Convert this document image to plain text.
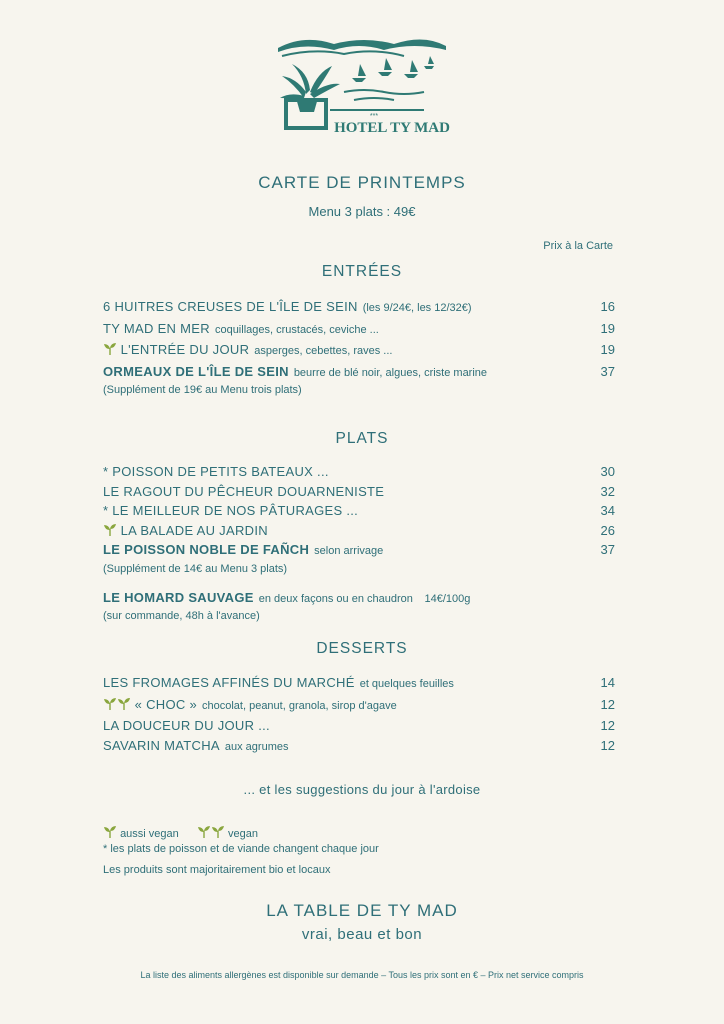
***
HOTEL TY MAD
CARTE DE PRINTEMPS
Menu 3 plats : 49€
Prix à la Carte
ENTRÉES
6 HUITRES CREUSES DE L'ÎLE DE SEIN (les 9/24€, les 12/32€)	16
TY MAD EN MER coquillages, crustacés, ceviche ...	19
L'ENTRÉE DU JOUR asperges, cebettes, raves ...	19
ORMEAUX DE L'ÎLE DE SEIN beurre de blé noir, algues, criste marine	37
(Supplément de 19€ au Menu trois plats)
PLATS
* POISSON DE PETITS BATEAUX ...	30
LE RAGOUT DU PÊCHEUR DOUARNENISTE	32
* LE MEILLEUR DE NOS PÂTURAGES ...	34
LA BALADE AU JARDIN	26
LE POISSON NOBLE DE FAÑCH selon arrivage	37
(Supplément de 14€ au Menu 3 plats)
LE HOMARD SAUVAGE en deux façons ou en chaudron 14€/100g
(sur commande, 48h à l'avance)
DESSERTS
LES FROMAGES AFFINÉS DU MARCHÉ et quelques feuilles	14
« CHOC » chocolat, peanut, granola, sirop d'agave	12
LA DOUCEUR DU JOUR ...	12
SAVARIN MATCHA aux agrumes	12
... et les suggestions du jour à l'ardoise
aussi vegan	vegan
* les plats de poisson et de viande changent chaque jour
Les produits sont majoritairement bio et locaux
LA TABLE DE TY MAD
vrai, beau et bon
La liste des aliments allergènes est disponible sur demande – Tous les prix sont en € – Prix net service compris
